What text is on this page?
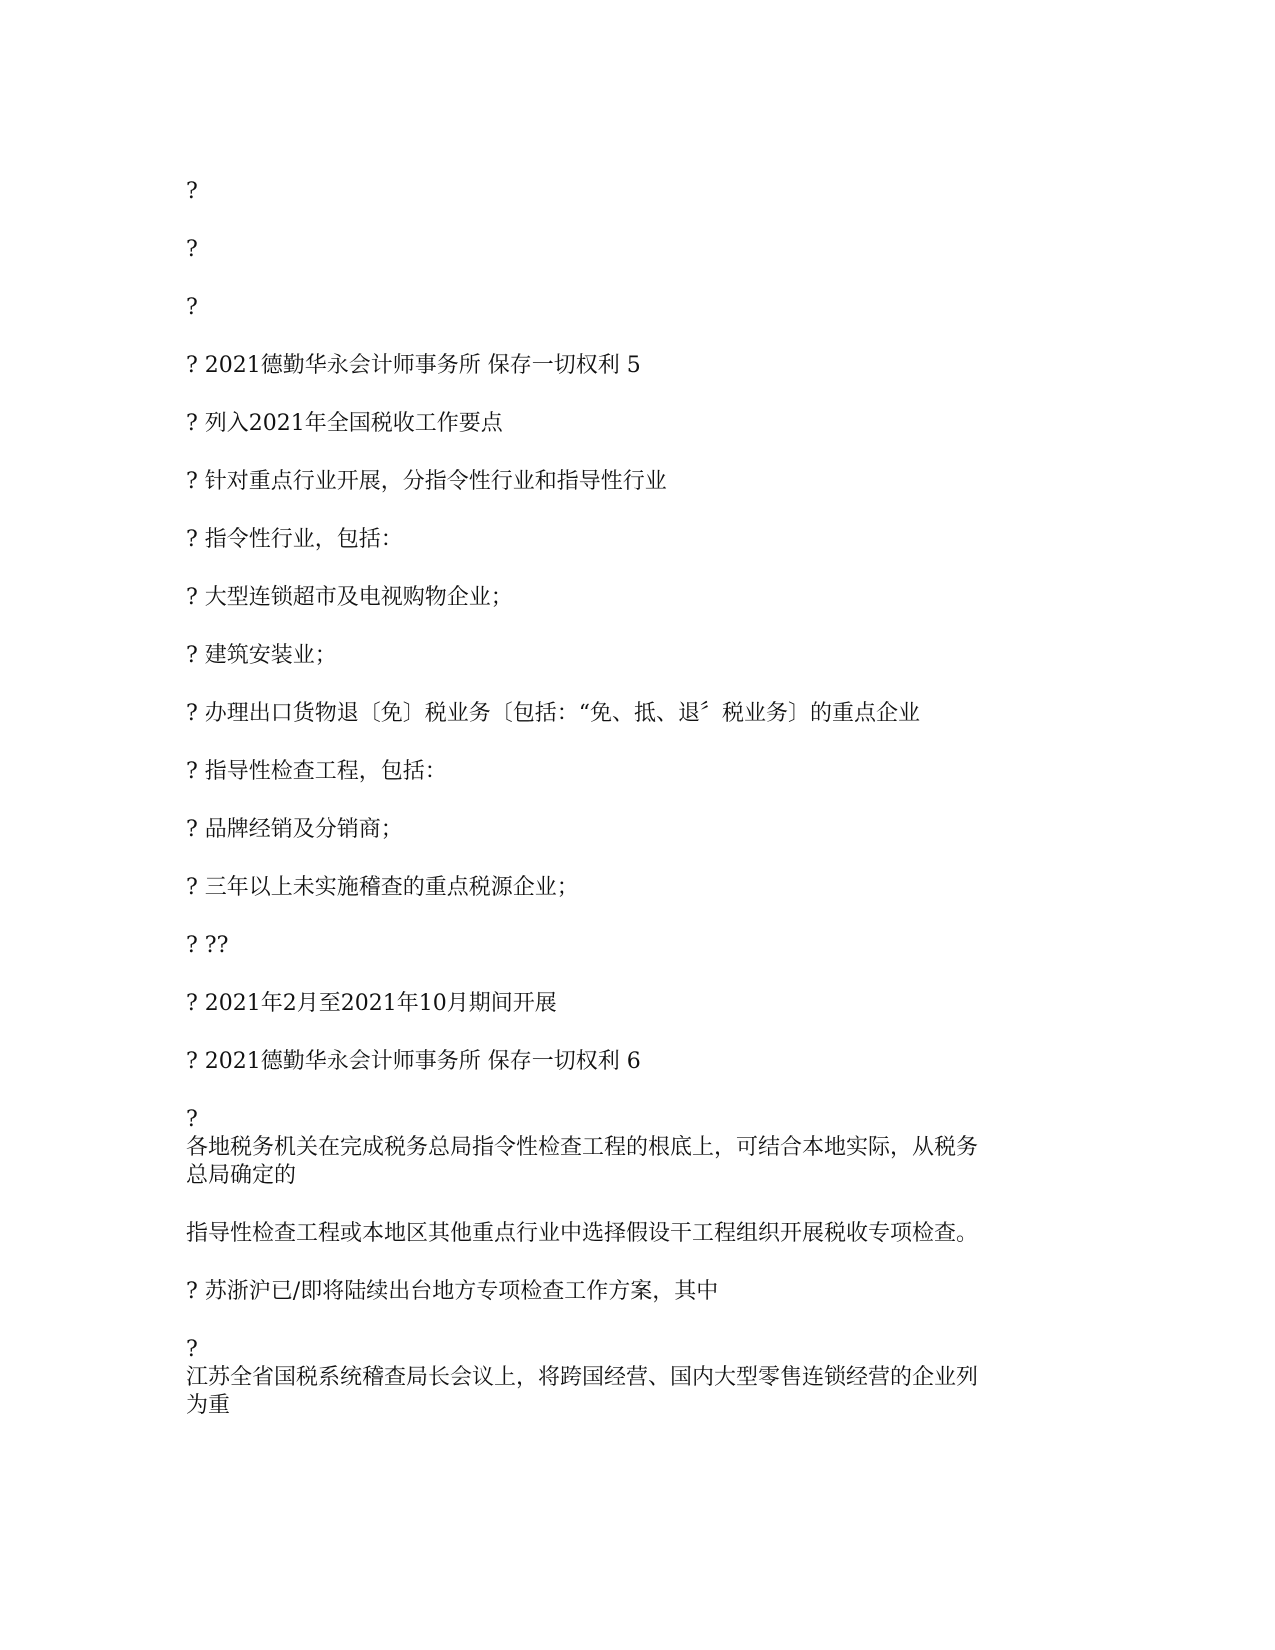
?

?

?

? 2021德勤华永会计师事务所 保存一切权利 5

? 列入2021年全国税收工作要点

? 针对重点行业开展，分指令性行业和指导性行业

? 指令性行业，包括：

? 大型连锁超市及电视购物企业；

? 建筑安装业；

? 办理出口货物退〔免〕税业务〔包括：“免、抵、退〞税业务〕的重点企业

? 指导性检查工程，包括：

? 品牌经销及分销商；

? 三年以上未实施稽查的重点税源企业；

? ??

? 2021年2月至2021年10月期间开展

? 2021德勤华永会计师事务所 保存一切权利 6

?

各地税务机关在完成税务总局指令性检查工程的根底上，可结合本地实际，从税务

总局确定的

指导性检查工程或本地区其他重点行业中选择假设干工程组织开展税收专项检查。

? 苏浙沪已/即将陆续出台地方专项检查工作方案，其中

?

江苏全省国税系统稽查局长会议上，将跨国经营、国内大型零售连锁经营的企业列

为重
